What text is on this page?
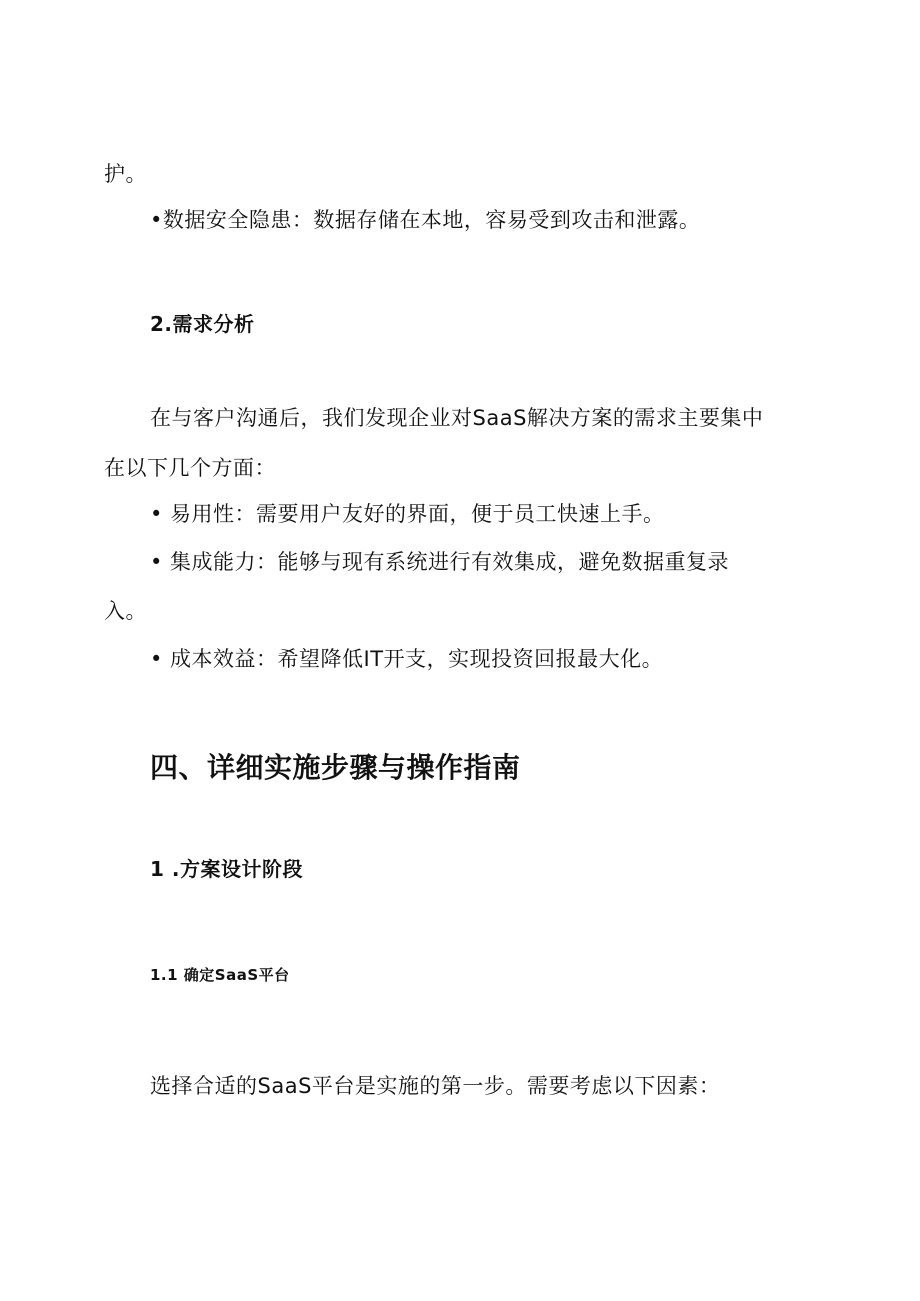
护。

•数据安全隐患：数据存储在本地，容易受到攻击和泄露。

2.需求分析

在与客户沟通后，我们发现企业对SaaS解决方案的需求主要集中

在以下几个方面：

• 易用性：需要用户友好的界面，便于员工快速上手。

• 集成能力：能够与现有系统进行有效集成，避免数据重复录

入。

• 成本效益：希望降低IT开支，实现投资回报最大化。

四、详细实施步骤与操作指南
1 .方案设计阶段
1.1 确定SaaS平台

选择合适的SaaS平台是实施的第一步。需要考虑以下因素：
